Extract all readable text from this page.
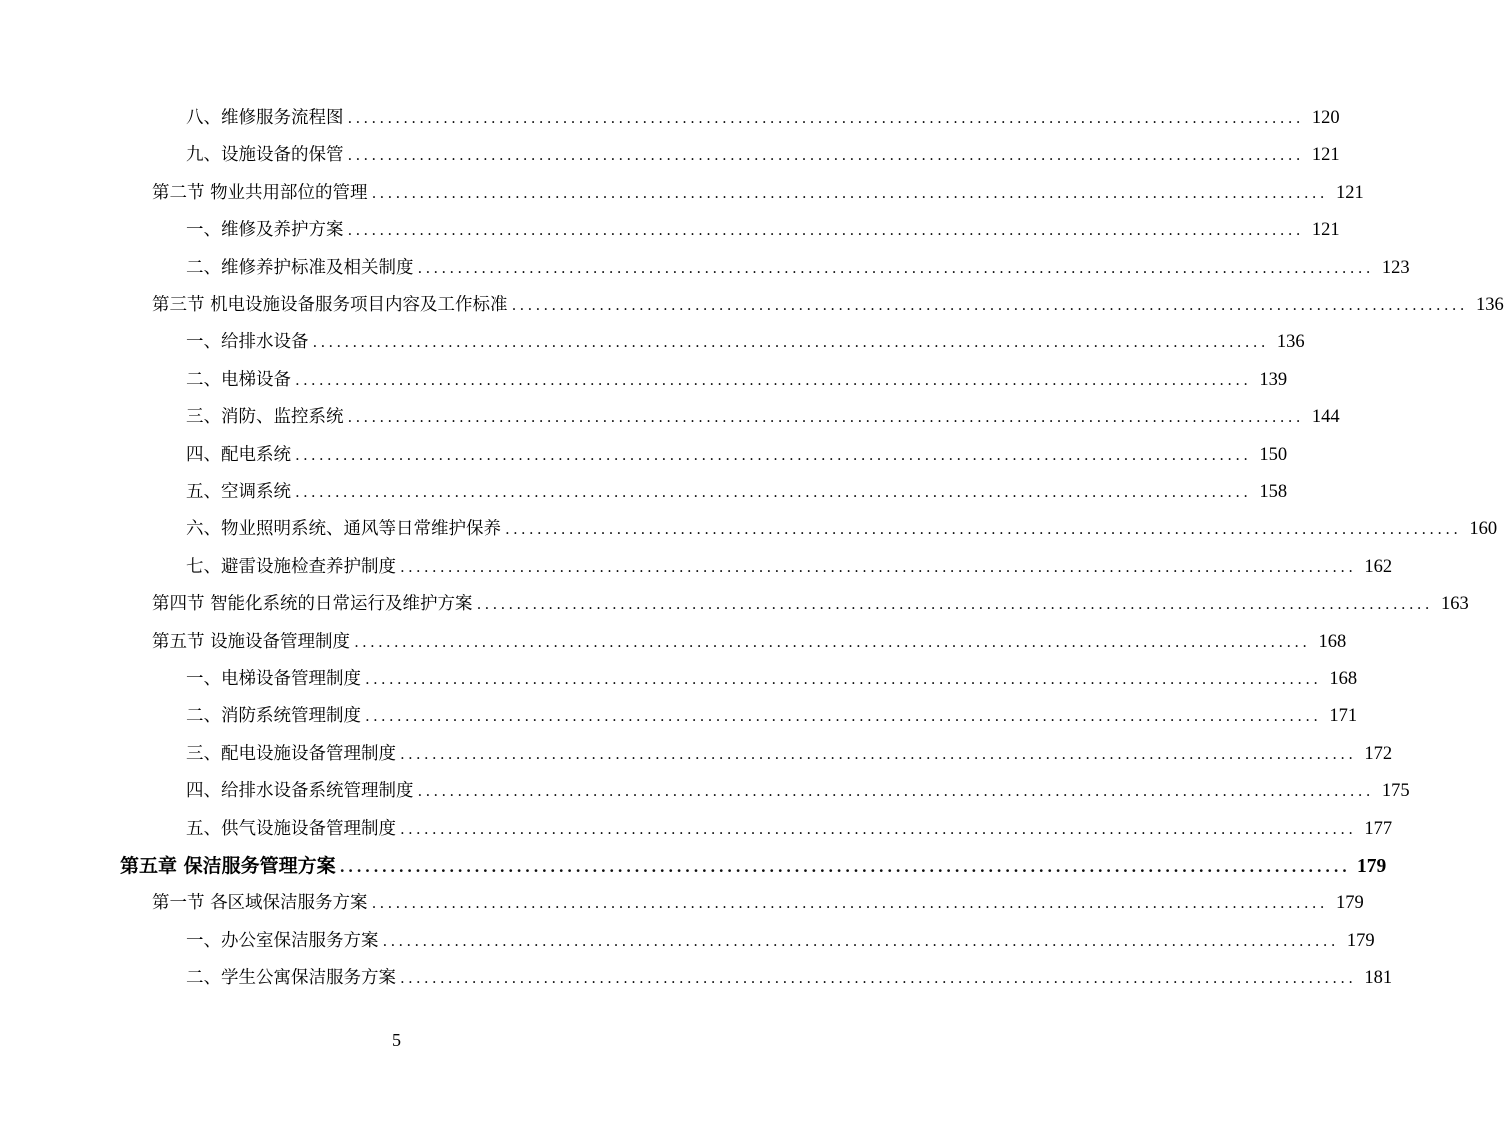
八、维修服务流程图 ........................................................................................................................ 120
九、设施设备的保管 ........................................................................................................................ 121
第二节 物业共用部位的管理 ........................................................................................................................ 121
一、维修及养护方案 ........................................................................................................................ 121
二、维修养护标准及相关制度 ........................................................................................................................ 123
第三节 机电设施设备服务项目内容及工作标准 ........................................................................................................................ 136
一、给排水设备 ........................................................................................................................ 136
二、电梯设备 ........................................................................................................................ 139
三、消防、监控系统 ........................................................................................................................ 144
四、配电系统 ........................................................................................................................ 150
五、空调系统 ........................................................................................................................ 158
六、物业照明系统、通风等日常维护保养 ........................................................................................................................ 160
七、避雷设施检查养护制度 ........................................................................................................................ 162
第四节 智能化系统的日常运行及维护方案 ........................................................................................................................ 163
第五节 设施设备管理制度 ........................................................................................................................ 168
一、电梯设备管理制度 ........................................................................................................................ 168
二、消防系统管理制度 ........................................................................................................................ 171
三、配电设施设备管理制度 ........................................................................................................................ 172
四、给排水设备系统管理制度 ........................................................................................................................ 175
五、供气设施设备管理制度 ........................................................................................................................ 177
第五章 保洁服务管理方案 ........................................................................................................................ 179
第一节 各区域保洁服务方案 ........................................................................................................................ 179
一、办公室保洁服务方案 ........................................................................................................................ 179
二、学生公寓保洁服务方案 ........................................................................................................................ 181
5
